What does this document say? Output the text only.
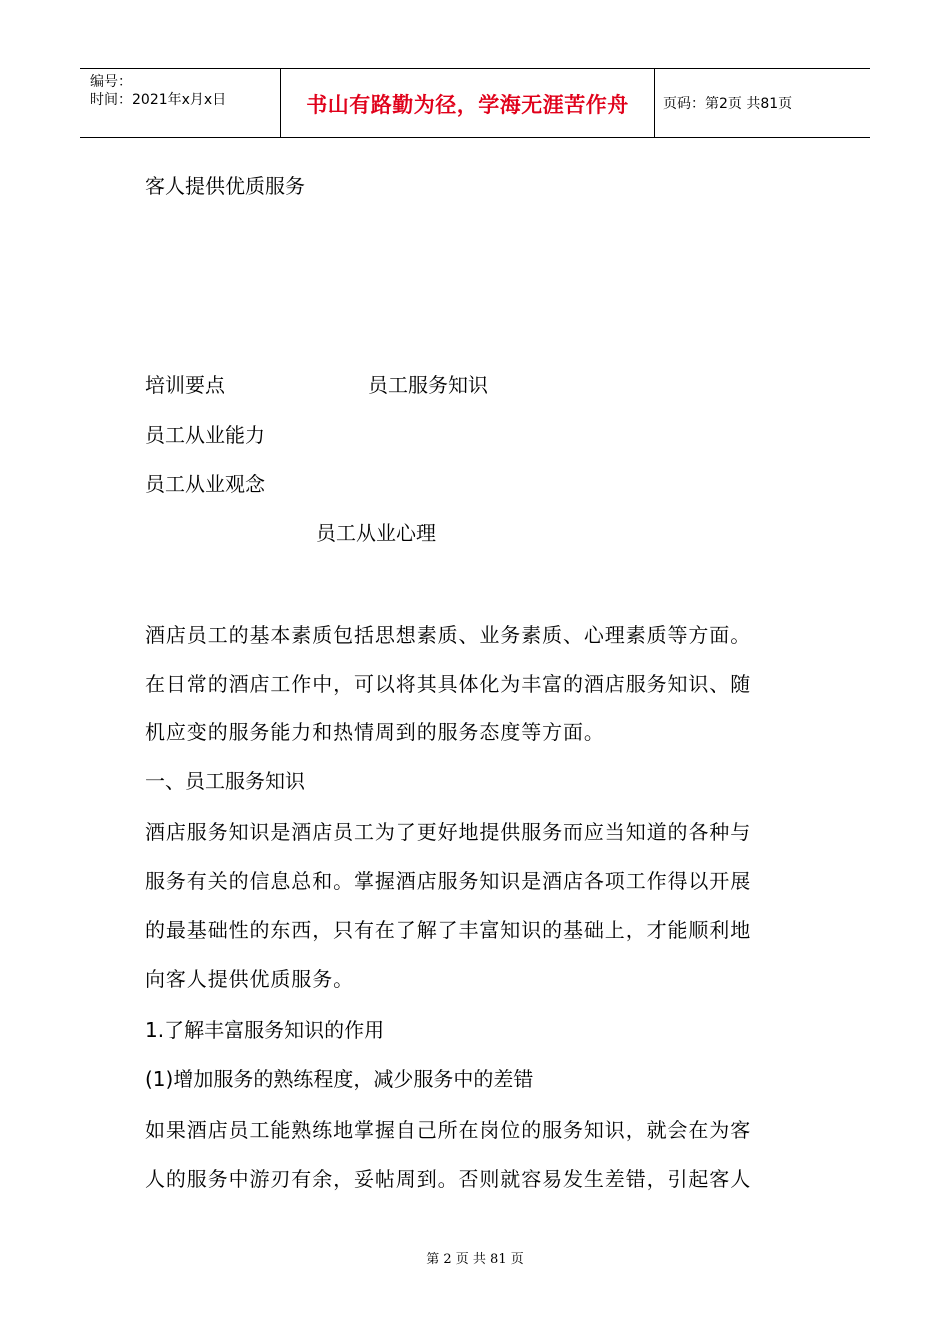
编号：
时间：2021年x月x日	书山有路勤为径，学海无涯苦作舟	页码：第2页 共81页
客人提供优质服务
培训要点	员工服务知识
员工从业能力
员工从业观念
员工从业心理
酒店员工的基本素质包括思想素质、业务素质、心理素质等方面。
在日常的酒店工作中，可以将其具体化为丰富的酒店服务知识、随
机应变的服务能力和热情周到的服务态度等方面。
一、员工服务知识
酒店服务知识是酒店员工为了更好地提供服务而应当知道的各种与
服务有关的信息总和。掌握酒店服务知识是酒店各项工作得以开展
的最基础性的东西，只有在了解了丰富知识的基础上，才能顺利地
向客人提供优质服务。
1.了解丰富服务知识的作用
(1)增加服务的熟练程度，减少服务中的差错
如果酒店员工能熟练地掌握自己所在岗位的服务知识，就会在为客
人的服务中游刃有余，妥帖周到。否则就容易发生差错，引起客人
第 2 页 共 81 页
